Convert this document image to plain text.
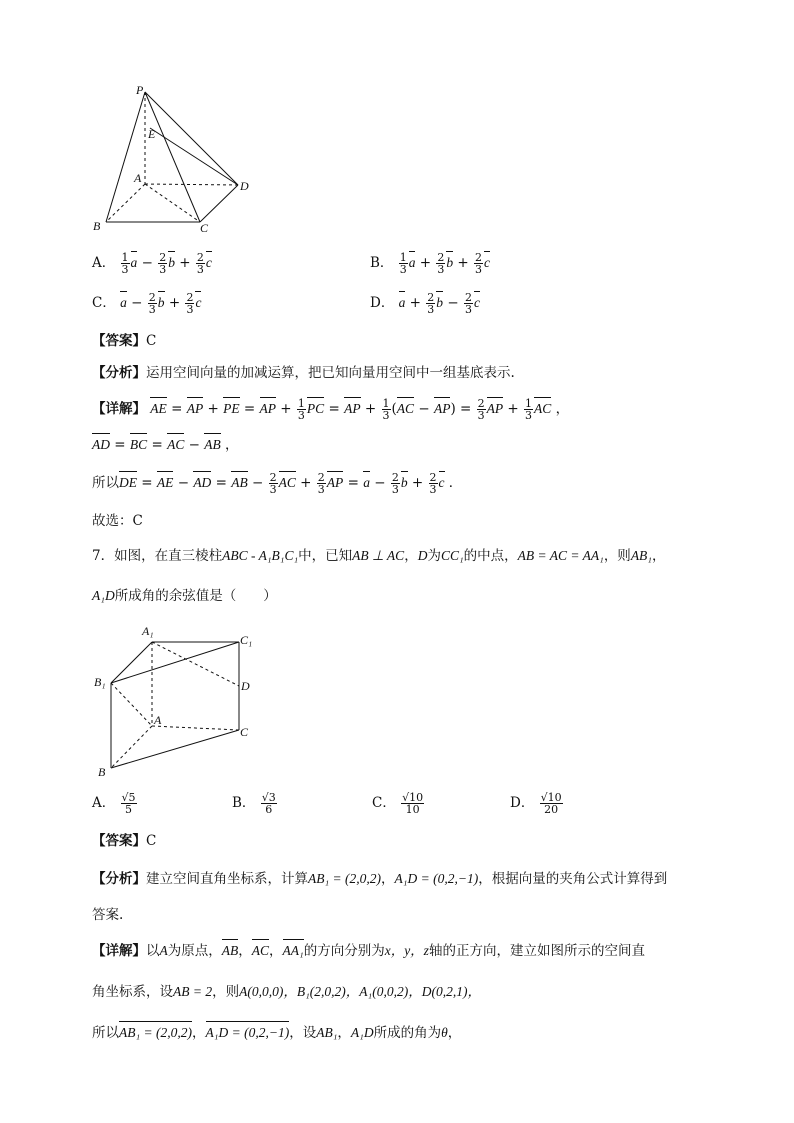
P
E
A
D
B	C
A． $\frac{1}{3}$ $a - \frac{2}{3}$ $b + \frac{2}{3}$ c	B． $\frac{1}{3}$ $a + \frac{2}{3}$ $b + \frac{2}{3}$ c
C． $a - \frac{2}{3}$ $b + \frac{2}{3}$ c	D． $a + \frac{2}{3}$ $b - \frac{2}{3}$ c
【答案】C
【分析】运用空间向量的加减运算，把已知向量用空间中一组基底表示.
【详解】 AE = AP + PE = AP + $\frac{1}{3}$ PC = AP + $\frac{1}{3} (AC - AP) = \frac{2}{3}$ AP + $\frac{1}{3}$ AC ，
AD = BC = AC − AB ，
所以DE = AE − AD = AB − $\frac{2}{3}$ AC + $\frac{2}{3}$ AP = $a - \frac{2}{3}$ $b + \frac{2}{3}$ c ．
故选：C
7．如图，在直三棱柱ABC - A₁B₁C₁中，已知AB ⊥ AC，D为CC₁的中点，AB = AC = AA₁，则AB₁，
A₁D所成角的余弦值是（　　）
A₁
C₁
B₁	D
A
C
B
A． $\frac{√5}{5}$	B． $\frac{√3}{6}$	C． $\frac{√10}{10}$	D． $\frac{√10}{20}$
【答案】C
【分析】建立空间直角坐标系，计算AB₁ = (2,0,2)，A₁D = (0,2,−1)，根据向量的夹角公式计算得到
答案.
【详解】以A为原点，AB，AC，AA₁的方向分别为x，y，z轴的正方向，建立如图所示的空间直
角坐标系，设AB = 2，则A(0,0,0)，B₁(2,0,2)，A₁(0,0,2)，D(0,2,1)，
所以AB₁ = (2,0,2)，A₁D = (0,2,−1)，设AB₁，A₁D所成的角为θ，
